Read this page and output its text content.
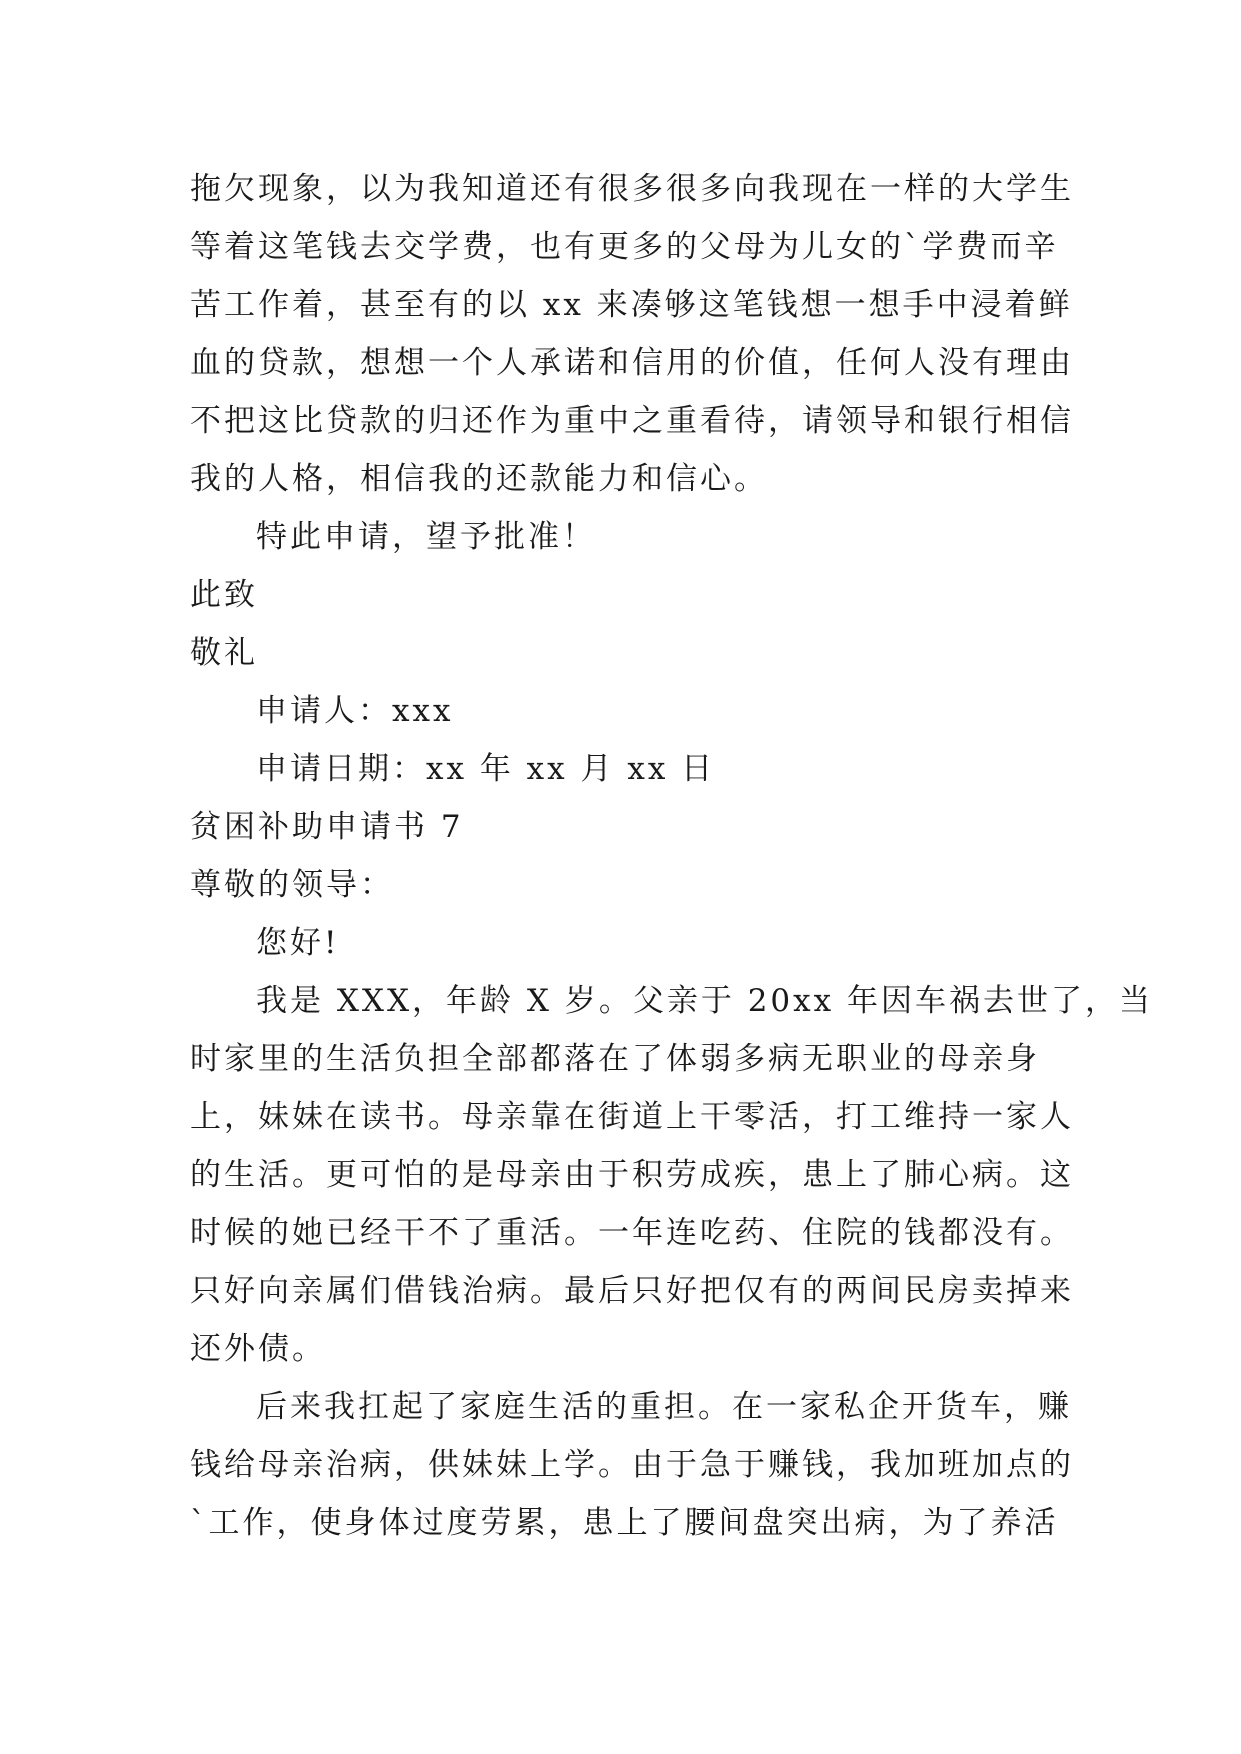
拖欠现象，以为我知道还有很多很多向我现在一样的大学生
等着这笔钱去交学费，也有更多的父母为儿女的`学费而辛
苦工作着，甚至有的以 xx 来凑够这笔钱想一想手中浸着鲜
血的贷款，想想一个人承诺和信用的价值，任何人没有理由
不把这比贷款的归还作为重中之重看待，请领导和银行相信
我的人格，相信我的还款能力和信心。
特此申请，望予批准！
此致
敬礼
申请人：xxx
申请日期：xx 年 xx 月 xx 日
贫困补助申请书 7
尊敬的领导：
您好!
我是 XXX，年龄 X 岁。父亲于 20xx 年因车祸去世了，当
时家里的生活负担全部都落在了体弱多病无职业的母亲身
上，妹妹在读书。母亲靠在街道上干零活，打工维持一家人
的生活。更可怕的是母亲由于积劳成疾，患上了肺心病。这
时候的她已经干不了重活。一年连吃药、住院的钱都没有。
只好向亲属们借钱治病。最后只好把仅有的两间民房卖掉来
还外债。
后来我扛起了家庭生活的重担。在一家私企开货车，赚
钱给母亲治病，供妹妹上学。由于急于赚钱，我加班加点的
`工作，使身体过度劳累，患上了腰间盘突出病，为了养活
